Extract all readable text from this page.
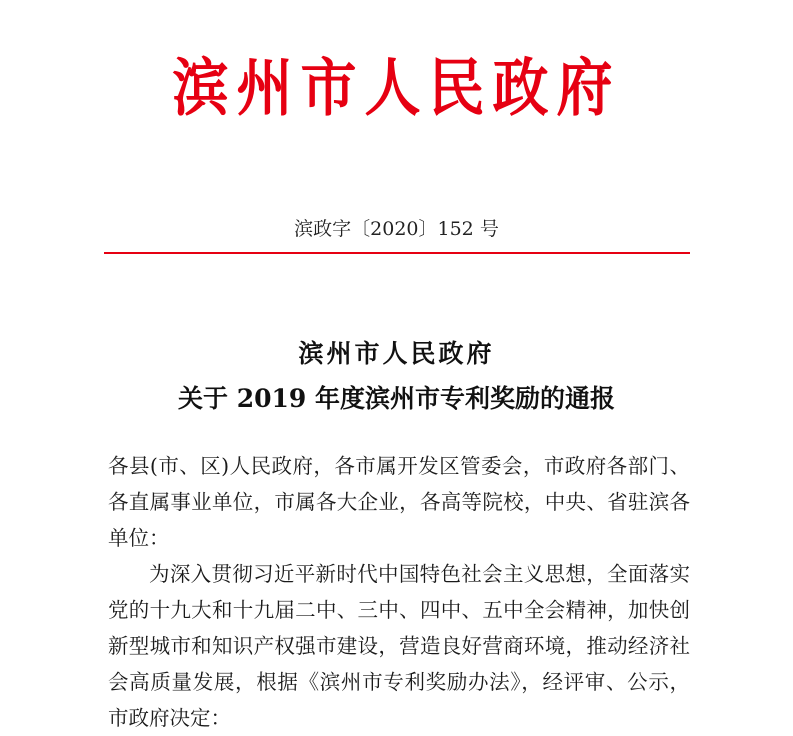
滨州市人民政府
滨政字〔2020〕152 号
滨州市人民政府
关于 2019 年度滨州市专利奖励的通报

各县(市、区)人民政府，各市属开发区管委会，市政府各部门、各直属事业单位，市属各大企业，各高等院校，中央、省驻滨各单位：

为深入贯彻习近平新时代中国特色社会主义思想，全面落实党的十九大和十九届二中、三中、四中、五中全会精神，加快创新型城市和知识产权强市建设，营造良好营商环境，推动经济社会高质量发展，根据《滨州市专利奖励办法》，经评审、公示，市政府决定：
